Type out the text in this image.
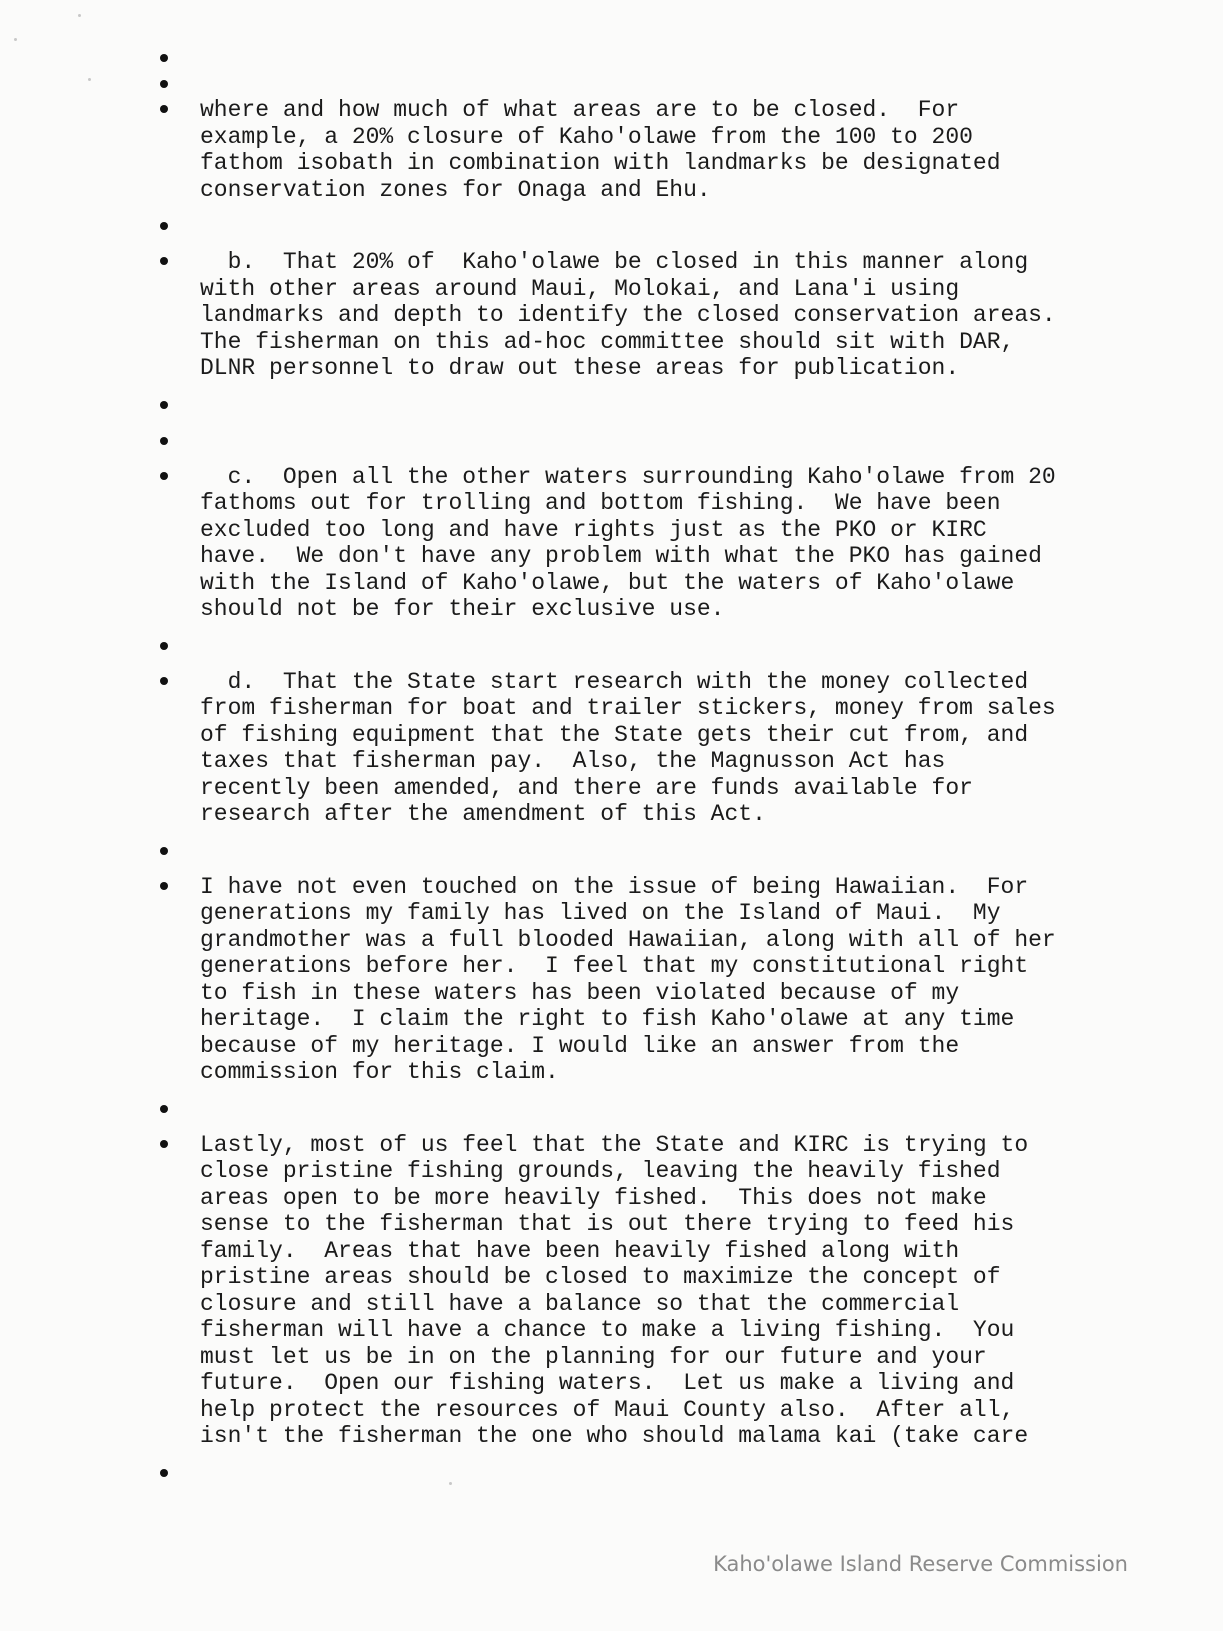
where and how much of what areas are to be closed.  For
example, a 20% closure of Kaho'olawe from the 100 to 200
fathom isobath in combination with landmarks be designated
conservation zones for Onaga and Ehu.
b.  That 20% of  Kaho'olawe be closed in this manner along
with other areas around Maui, Molokai, and Lana'i using
landmarks and depth to identify the closed conservation areas.
The fisherman on this ad-hoc committee should sit with DAR,
DLNR personnel to draw out these areas for publication.
c.  Open all the other waters surrounding Kaho'olawe from 20
fathoms out for trolling and bottom fishing.  We have been
excluded too long and have rights just as the PKO or KIRC
have.  We don't have any problem with what the PKO has gained
with the Island of Kaho'olawe, but the waters of Kaho'olawe
should not be for their exclusive use.
d.  That the State start research with the money collected
from fisherman for boat and trailer stickers, money from sales
of fishing equipment that the State gets their cut from, and
taxes that fisherman pay.  Also, the Magnusson Act has
recently been amended, and there are funds available for
research after the amendment of this Act.
I have not even touched on the issue of being Hawaiian.  For
generations my family has lived on the Island of Maui.  My
grandmother was a full blooded Hawaiian, along with all of her
generations before her.  I feel that my constitutional right
to fish in these waters has been violated because of my
heritage.  I claim the right to fish Kaho'olawe at any time
because of my heritage. I would like an answer from the
commission for this claim.
Lastly, most of us feel that the State and KIRC is trying to
close pristine fishing grounds, leaving the heavily fished
areas open to be more heavily fished.  This does not make
sense to the fisherman that is out there trying to feed his
family.  Areas that have been heavily fished along with
pristine areas should be closed to maximize the concept of
closure and still have a balance so that the commercial
fisherman will have a chance to make a living fishing.  You
must let us be in on the planning for our future and your
future.  Open our fishing waters.  Let us make a living and
help protect the resources of Maui County also.  After all,
isn't the fisherman the one who should malama kai (take care
Kaho'olawe Island Reserve Commission
